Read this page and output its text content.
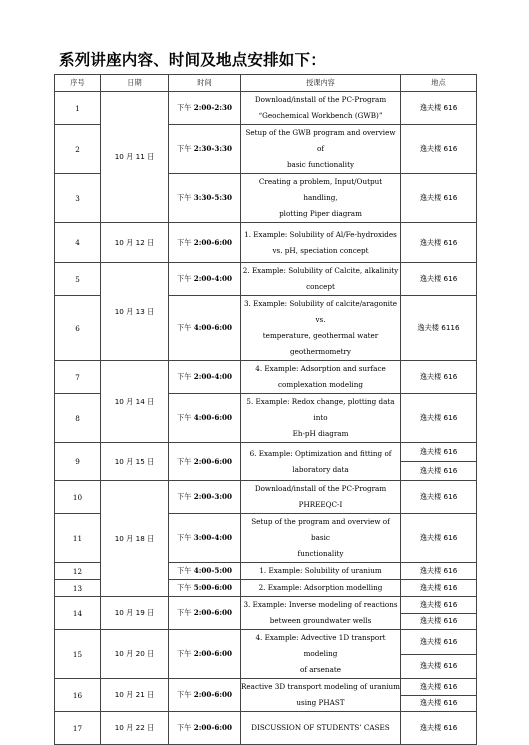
系列讲座内容、时间及地点安排如下：
序号	日期	时间	授课内容	地点
1	10 月 11 日	下午 2:00-2:30	Download/install of the PC-Program
“Geochemical Workbench (GWB)”	逸夫楼 616
2		下午 2:30-3:30	Setup of the GWB program and overview of
basic functionality	逸夫楼 616
3		下午 3:30-5:30	Creating a problem, Input/Output handling,
plotting Piper diagram	逸夫楼 616
4	10 月 12 日	下午 2:00-6:00	1. Example: Solubility of Al/Fe-hydroxides
vs. pH, speciation concept	逸夫楼 616
5	10 月 13 日	下午 2:00-4:00	2. Example: Solubility of Calcite, alkalinity
concept	逸夫楼 616
6		下午 4:00-6:00	3. Example: Solubility of calcite/aragonite vs.
temperature, geothermal water
geothermometry	逸夫楼 6116
7	10 月 14 日	下午 2:00-4:00	4. Example: Adsorption and surface
complexation modeling	逸夫楼 616
8		下午 4:00-6:00	5. Example: Redox change, plotting data into
Eh-pH diagram	逸夫楼 616
9	10 月 15 日	下午 2:00-6:00	6. Example: Optimization and fitting of
laboratory data	逸夫楼 616
				逸夫楼 616
10	10 月 18 日	下午 2:00-3:00	Download/install of the PC-Program
PHREEQC-I	逸夫楼 616
11		下午 3:00-4:00	Setup of the program and overview of basic
functionality	逸夫楼 616
12		下午 4:00-5:00	1. Example: Solubility of uranium	逸夫楼 616
13		下午 5:00-6:00	2. Example: Adsorption modelling	逸夫楼 616
14	10 月 19 日	下午 2:00-6:00	3. Example: Inverse modeling of reactions
between groundwater wells	逸夫楼 616
				逸夫楼 616
15	10 月 20 日	下午 2:00-6:00	4. Example: Advective 1D transport modeling
of arsenate	逸夫楼 616
				逸夫楼 616
16	10 月 21 日	下午 2:00-6:00	Reactive 3D transport modeling of uranium
using PHAST	逸夫楼 616
				逸夫楼 616
17	10 月 22 日	下午 2:00-6:00	DISCUSSION OF STUDENTS’ CASES	逸夫楼 616
